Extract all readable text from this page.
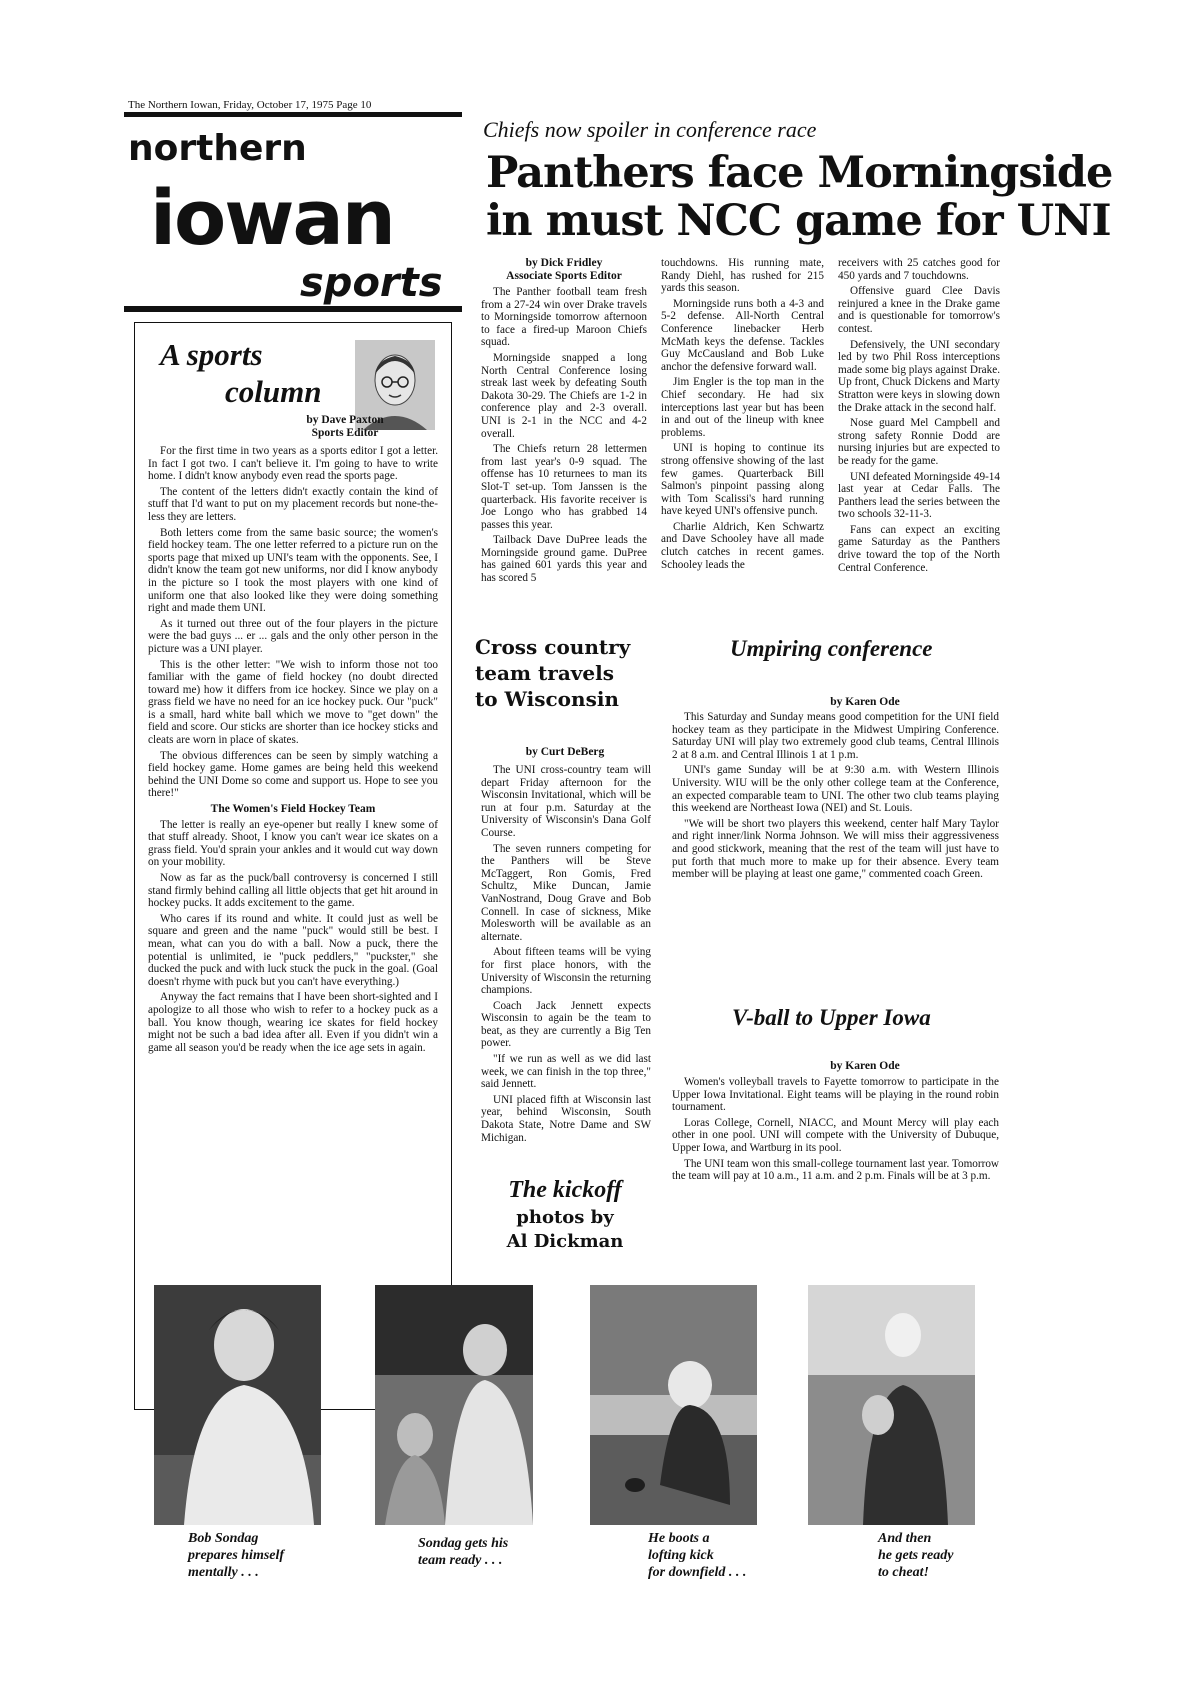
The Northern Iowan, Friday, October 17, 1975 Page 10
northern
iowan
sports
Chiefs now spoiler in conference race
Panthers face Morningside
in must NCC game for UNI
by Dick Fridley
Associate Sports Editor

The Panther football team fresh from a 27-24 win over Drake travels to Morningside tomorrow afternoon to face a fired-up Maroon Chiefs squad.

Morningside snapped a long North Central Conference losing streak last week by defeating South Dakota 30-29. The Chiefs are 1-2 in conference play and 2-3 overall. UNI is 2-1 in the NCC and 4-2 overall.

The Chiefs return 28 lettermen from last year's 0-9 squad. The offense has 10 returnees to man its Slot-T set-up. Tom Janssen is the quarterback. His favorite receiver is Joe Longo who has grabbed 14 passes this year.

Tailback Dave DuPree leads the Morningside ground game. DuPree has gained 601 yards this year and has scored 5

touchdowns. His running mate, Randy Diehl, has rushed for 215 yards this season.

Morningside runs both a 4-3 and 5-2 defense. All-North Central Conference linebacker Herb McMath keys the defense. Tackles Guy McCausland and Bob Luke anchor the defensive forward wall.

Jim Engler is the top man in the Chief secondary. He had six interceptions last year but has been in and out of the lineup with knee problems.

UNI is hoping to continue its strong offensive showing of the last few games. Quarterback Bill Salmon's pinpoint passing along with Tom Scalissi's hard running have keyed UNI's offensive punch.

Charlie Aldrich, Ken Schwartz and Dave Schooley have all made clutch catches in recent games. Schooley leads the

receivers with 25 catches good for 450 yards and 7 touchdowns.

Offensive guard Clee Davis reinjured a knee in the Drake game and is questionable for tomorrow's contest.

Defensively, the UNI secondary led by two Phil Ross interceptions made some big plays against Drake. Up front, Chuck Dickens and Marty Stratton were keys in slowing down the Drake attack in the second half.

Nose guard Mel Campbell and strong safety Ronnie Dodd are nursing injuries but are expected to be ready for the game.

UNI defeated Morningside 49-14 last year at Cedar Falls. The Panthers lead the series between the two schools 32-11-3.

Fans can expect an exciting game Saturday as the Panthers drive toward the top of the North Central Conference.

A sports
column
by Dave Paxton
Sports Editor

For the first time in two years as a sports editor I got a letter. In fact I got two. I can't believe it. I'm going to have to write home. I didn't know anybody even read the sports page.

The content of the letters didn't exactly contain the kind of stuff that I'd want to put on my placement records but none-the-less they are letters.

Both letters come from the same basic source; the women's field hockey team. The one letter referred to a picture run on the sports page that mixed up UNI's team with the opponents. See, I didn't know the team got new uniforms, nor did I know anybody in the picture so I took the most players with one kind of uniform one that also looked like they were doing something right and made them UNI.

As it turned out three out of the four players in the picture were the bad guys ... er ... gals and the only other person in the picture was a UNI player.

This is the other letter: "We wish to inform those not too familiar with the game of field hockey (no doubt directed toward me) how it differs from ice hockey. Since we play on a grass field we have no need for an ice hockey puck. Our "puck" is a small, hard white ball which we move to "get down" the field and score. Our sticks are shorter than ice hockey sticks and cleats are worn in place of skates.

The obvious differences can be seen by simply watching a field hockey game. Home games are being held this weekend behind the UNI Dome so come and support us. Hope to see you there!"

The Women's Field Hockey Team

The letter is really an eye-opener but really I knew some of that stuff already. Shoot, I know you can't wear ice skates on a grass field. You'd sprain your ankles and it would cut way down on your mobility.

Now as far as the puck/ball controversy is concerned I still stand firmly behind calling all little objects that get hit around in hockey pucks. It adds excitement to the game.

Who cares if its round and white. It could just as well be square and green and the name "puck" would still be best. I mean, what can you do with a ball. Now a puck, there the potential is unlimited, ie "puck peddlers," "puckster," she ducked the puck and with luck stuck the puck in the goal. (Goal doesn't rhyme with puck but you can't have everything.)

Anyway the fact remains that I have been short-sighted and I apologize to all those who wish to refer to a hockey puck as a ball. You know though, wearing ice skates for field hockey might not be such a bad idea after all. Even if you didn't win a game all season you'd be ready when the ice age sets in again.

Cross country
team travels
to Wisconsin
by Curt DeBerg

The UNI cross-country team will depart Friday afternoon for the Wisconsin Invitational, which will be run at four p.m. Saturday at the University of Wisconsin's Dana Golf Course.

The seven runners competing for the Panthers will be Steve McTaggert, Ron Gomis, Fred Schultz, Mike Duncan, Jamie VanNostrand, Doug Grave and Bob Connell. In case of sickness, Mike Molesworth will be available as an alternate.

About fifteen teams will be vying for first place honors, with the University of Wisconsin the returning champions.

Coach Jack Jennett expects Wisconsin to again be the team to beat, as they are currently a Big Ten power.

"If we run as well as we did last week, we can finish in the top three," said Jennett.

UNI placed fifth at Wisconsin last year, behind Wisconsin, South Dakota State, Notre Dame and SW Michigan.

The kickoff
photos by
Al Dickman
Umpiring conference
by Karen Ode

This Saturday and Sunday means good competition for the UNI field hockey team as they participate in the Midwest Umpiring Conference. Saturday UNI will play two extremely good club teams, Central Illinois 2 at 8 a.m. and Central Illinois 1 at 1 p.m.

UNI's game Sunday will be at 9:30 a.m. with Western Illinois University. WIU will be the only other college team at the Conference, an expected comparable team to UNI. The other two club teams playing this weekend are Northeast Iowa (NEI) and St. Louis.

"We will be short two players this weekend, center half Mary Taylor and right inner/link Norma Johnson. We will miss their aggressiveness and good stickwork, meaning that the rest of the team will just have to put forth that much more to make up for their absence. Every team member will be playing at least one game," commented coach Green.

V-ball to Upper Iowa
by Karen Ode

Women's volleyball travels to Fayette tomorrow to participate in the Upper Iowa Invitational. Eight teams will be playing in the round robin tournament.

Loras College, Cornell, NIACC, and Mount Mercy will play each other in one pool. UNI will compete with the University of Dubuque, Upper Iowa, and Wartburg in its pool.

The UNI team won this small-college tournament last year. Tomorrow the team will pay at 10 a.m., 11 a.m. and 2 p.m. Finals will be at 3 p.m.

Bob Sondag
prepares himself
mentally . . .
Sondag gets his
team ready . . .
He boots a
lofting kick
for downfield . . .
And then
he gets ready
to cheat!
